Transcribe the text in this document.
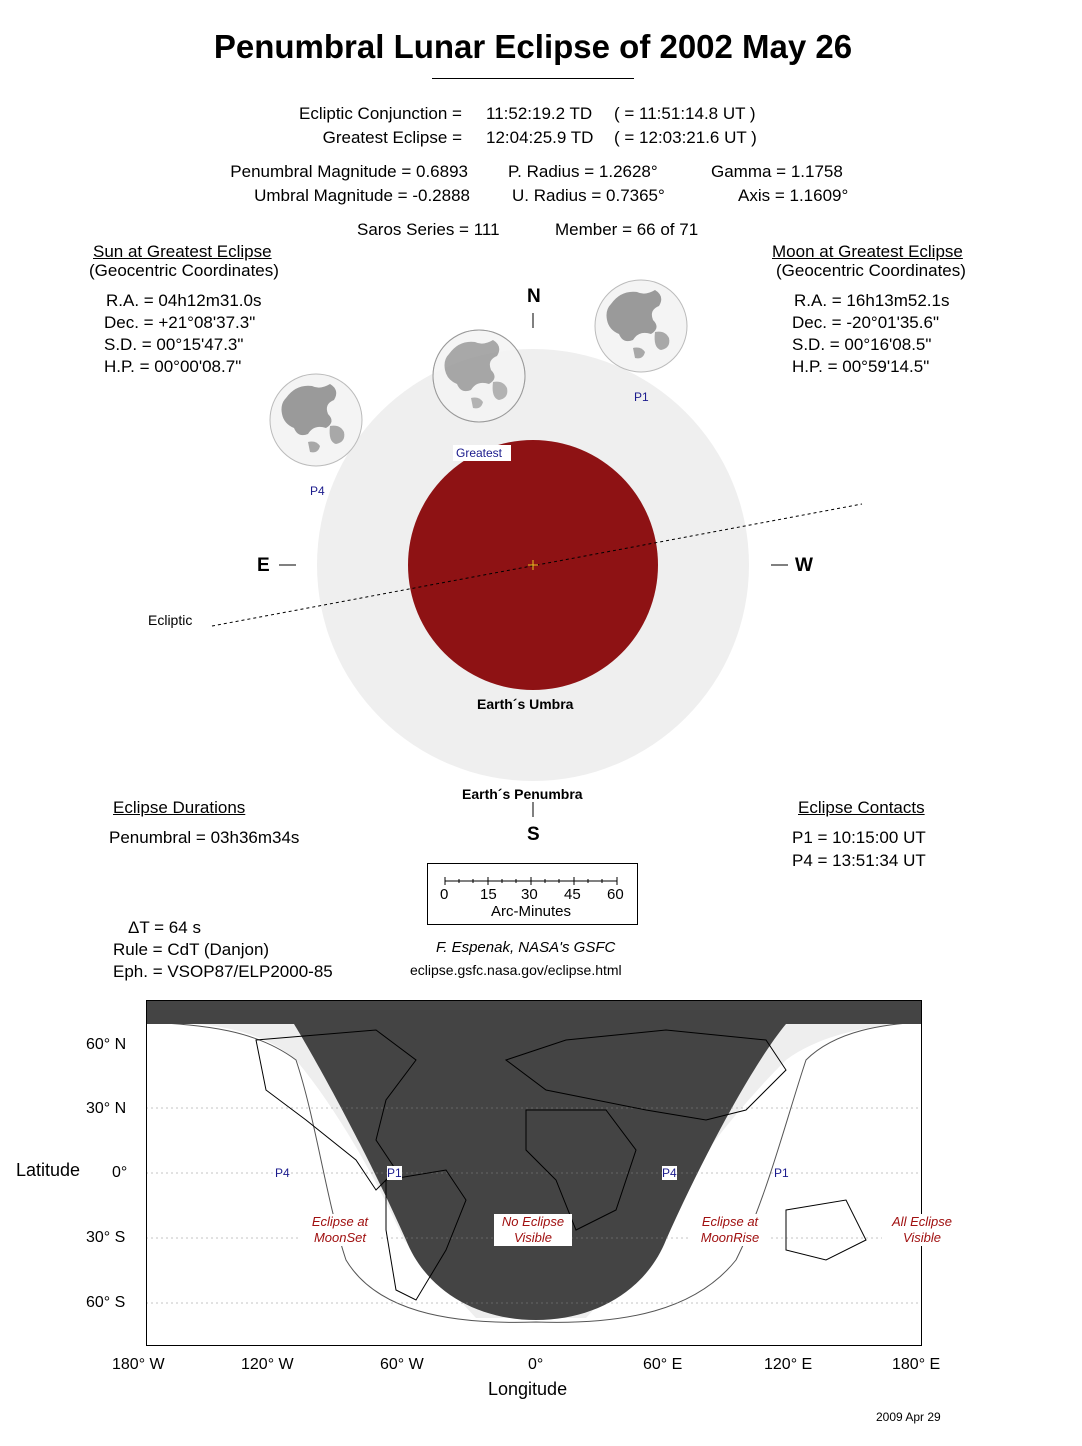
Penumbral Lunar Eclipse of 2002 May 26
Ecliptic Conjunction = 11:52:19.2 TD ( = 11:51:14.8 UT )
Greatest Eclipse = 12:04:25.9 TD ( = 12:03:21.6 UT )
Penumbral Magnitude = 0.6893
Umbral Magnitude = -0.2888
P. Radius = 1.2628°
U. Radius = 0.7365°
Gamma = 1.1758
Axis = 1.1609°
Saros Series = 111	Member = 66 of 71
Sun at Greatest Eclipse
(Geocentric Coordinates)
R.A. = 04h12m31.0s
Dec. = +21°08'37.3"
S.D. = 00°15'47.3"
H.P. = 00°00'08.7"
Moon at Greatest Eclipse
(Geocentric Coordinates)
R.A. = 16h13m52.1s
Dec. = -20°01'35.6"
S.D. = 00°16'08.5"
H.P. = 00°59'14.5"
N
S
E	W
Ecliptic
P1
P4
Greatest
Earth´s Umbra
Earth´s Penumbra
Eclipse Durations
Penumbral = 03h36m34s
Eclipse Contacts
P1 = 10:15:00 UT
P4 = 13:51:34 UT
0 15 30 45 60
Arc-Minutes
ΔT = 64 s
Rule = CdT (Danjon)
Eph. = VSOP87/ELP2000-85
F. Espenak, NASA's GSFC
eclipse.gsfc.nasa.gov/eclipse.html
Latitude
Longitude
60° N
30° N
0°
30° S
60° S
180° W	120° W	60° W	0°	60° E	120° E	180° E
P4	P1	P4	P1
Eclipse at
MoonSet
No Eclipse
Visible
Eclipse at
MoonRise
All Eclipse
Visible
2009 Apr 29
